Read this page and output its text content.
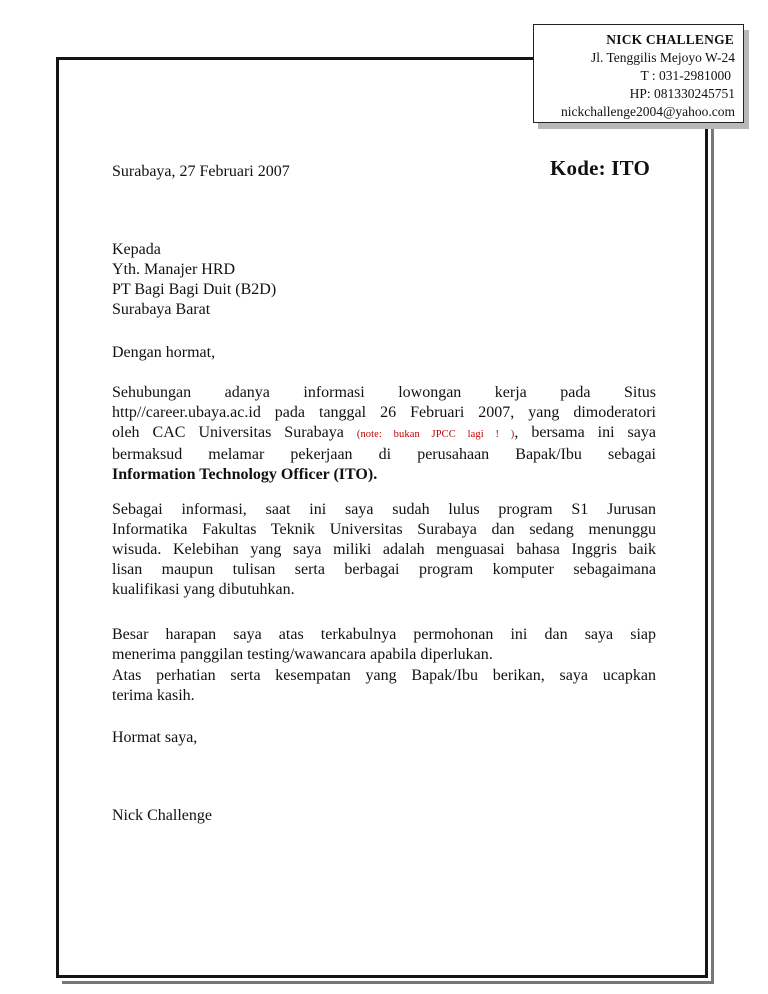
NICK CHALLENGE
Jl. Tenggilis Mejoyo W-24
T : 031-2981000
HP: 081330245751
nickchallenge2004@yahoo.com
Surabaya, 27 Februari 2007	Kode: ITO
Kepada
Yth. Manajer HRD
PT Bagi Bagi Duit (B2D)
Surabaya Barat
Dengan hormat,
Sehubungan adanya informasi lowongan kerja pada Situs
http//career.ubaya.ac.id pada tanggal 26 Februari 2007, yang dimoderatori
oleh CAC Universitas Surabaya (note: bukan JPCC lagi ! ), bersama ini saya
bermaksud melamar pekerjaan di perusahaan Bapak/Ibu sebagai
Information Technology Officer (ITO).
Sebagai informasi, saat ini saya sudah lulus program S1 Jurusan
Informatika Fakultas Teknik Universitas Surabaya dan sedang menunggu
wisuda. Kelebihan yang saya miliki adalah menguasai bahasa Inggris baik
lisan maupun tulisan serta berbagai program komputer sebagaimana
kualifikasi yang dibutuhkan.
Besar harapan saya atas terkabulnya permohonan ini dan saya siap
menerima panggilan testing/wawancara apabila diperlukan.
Atas perhatian serta kesempatan yang Bapak/Ibu berikan, saya ucapkan
terima kasih.
Hormat saya,
Nick Challenge
